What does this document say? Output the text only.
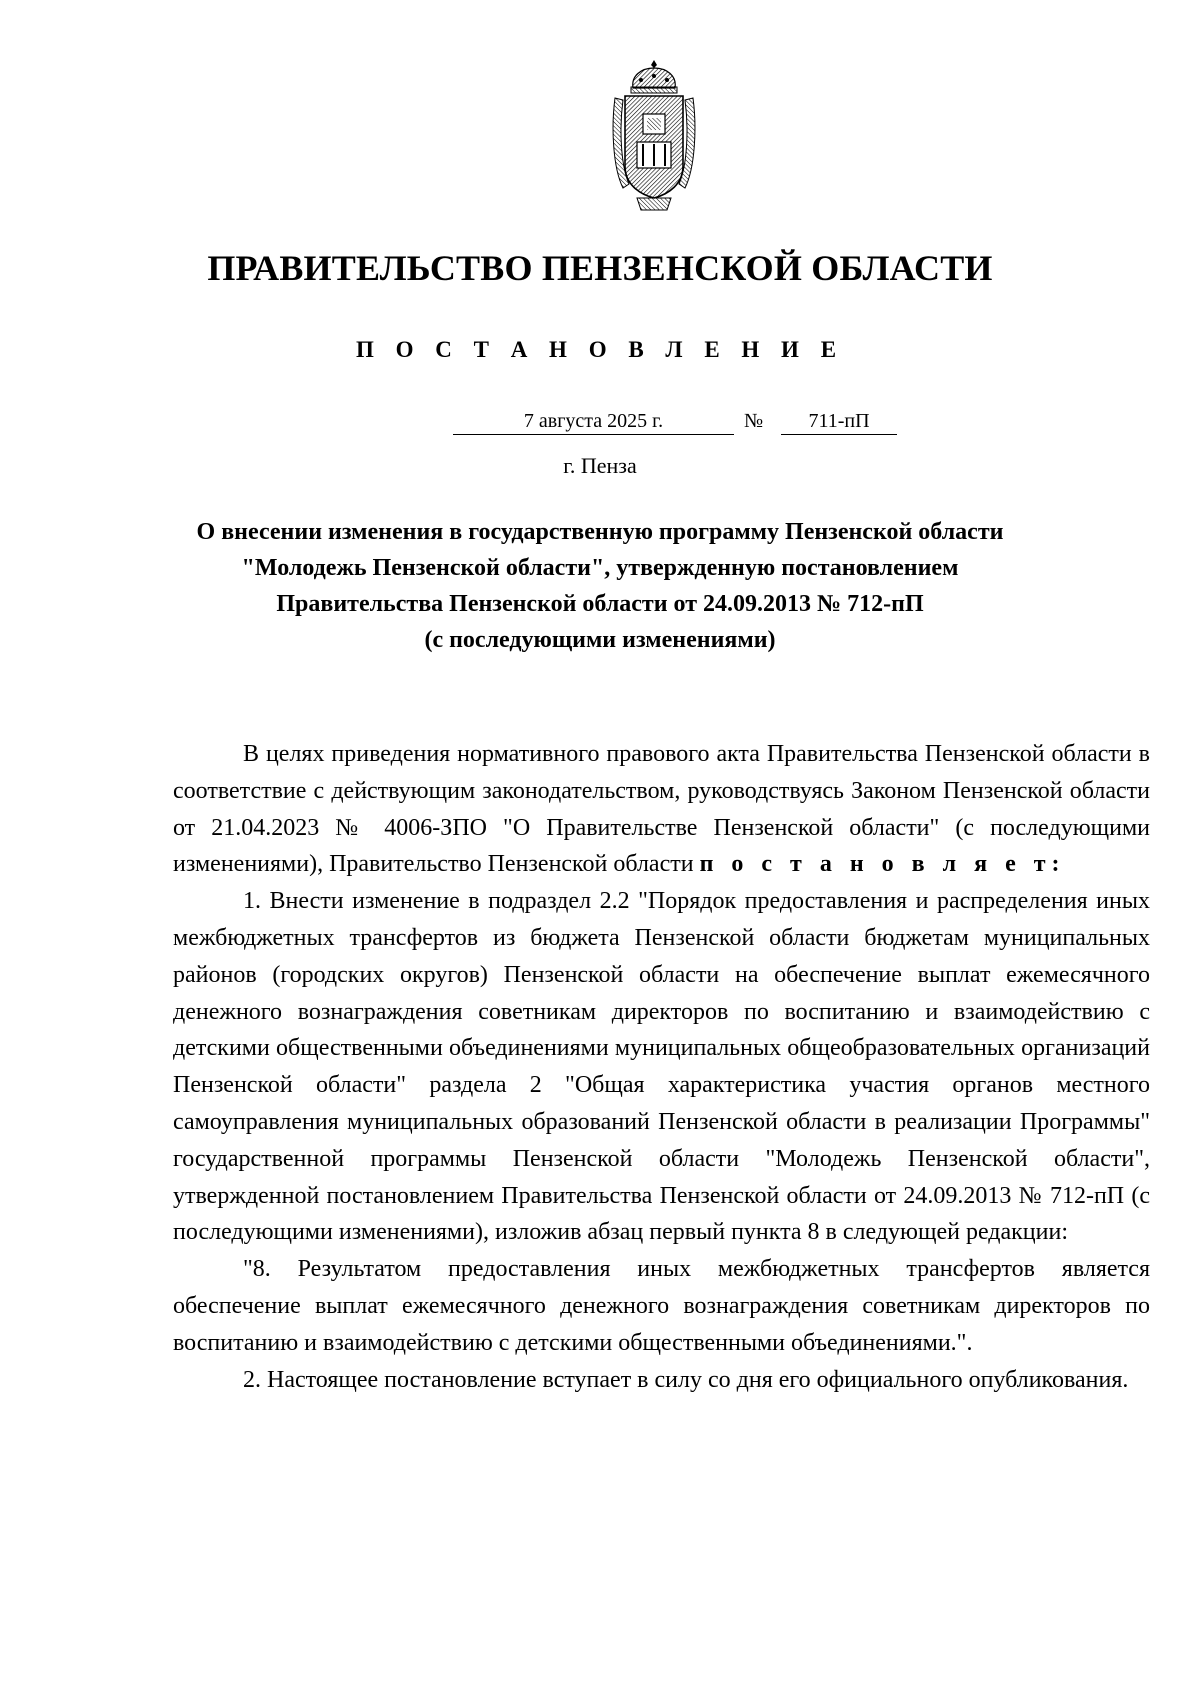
ПРАВИТЕЛЬСТВО ПЕНЗЕНСКОЙ ОБЛАСТИ
П О С Т А Н О В Л Е Н И Е
7 августа 2025 г.	№	711-пП
г. Пенза
О внесении изменения в государственную программу Пензенской области
"Молодежь Пензенской области", утвержденную постановлением
Правительства Пензенской области от 24.09.2013 № 712-пП
(с последующими изменениями)

В целях приведения нормативного правового акта Правительства Пензенской области в соответствие с действующим законодательством, руководствуясь Законом Пензенской области от 21.04.2023 № 4006-ЗПО "О Правительстве Пензенской области" (с последующими изменениями), Правительство Пензенской области п о с т а н о в л я е т:

1. Внести изменение в подраздел 2.2 "Порядок предоставления и распределения иных межбюджетных трансфертов из бюджета Пензенской области бюджетам муниципальных районов (городских округов) Пензенской области на обеспечение выплат ежемесячного денежного вознаграждения советникам директоров по воспитанию и взаимодействию с детскими общественными объединениями муниципальных общеобразовательных организаций Пензенской области" раздела 2 "Общая характеристика участия органов местного самоуправления муниципальных образований Пензенской области в реализации Программы" государственной программы Пензенской области "Молодежь Пензенской области", утвержденной постановлением Правительства Пензенской области от 24.09.2013 № 712-пП (с последующими изменениями), изложив абзац первый пункта 8 в следующей редакции:

"8. Результатом предоставления иных межбюджетных трансфертов является обеспечение выплат ежемесячного денежного вознаграждения советникам директоров по воспитанию и взаимодействию с детскими общественными объединениями.".

2. Настоящее постановление вступает в силу со дня его официального опубликования.
